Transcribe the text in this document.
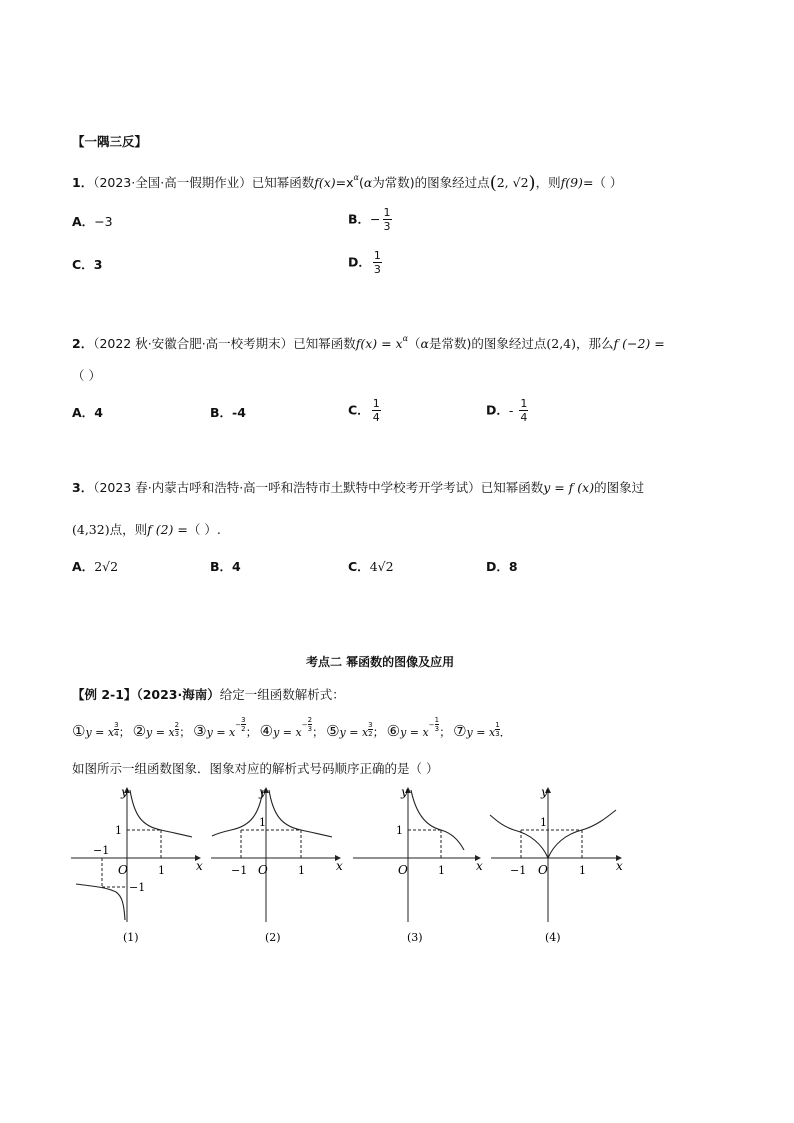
【一隅三反】
1．（2023·全国·高一假期作业）已知幂函数$f(x)=x^\alpha(\alpha$为常数)的图象经过点(2, √2)，则f(9)=（ ）
A．−3	B．− $\frac{1}{3}$
C．3	D． $\frac{1}{3}$
2．（2022 秋·安徽合肥·高一校考期末）已知幂函数$f(x) = x^\alpha(\alpha$是常数)的图象经过点(2,4)，那么f (−2) =
（ ）
A．4	B．-4	C． $\frac{1}{4}$	D．- $\frac{1}{4}$
3．（2023 春·内蒙古呼和浩特·高一呼和浩特市土默特中学校考开学考试）已知幂函数y = f (x)的图象过
(4,32)点，则f (2) =（ ）.
A．2√2	B．4	C．4√2	D．8
考点二 幂函数的图像及应用
【例 2-1】（2023·海南）给定一组函数解析式：
①y = x $\frac{3}{4}$ ； ②y = x $\frac{2}{3}$ ； ③y = x
− $\frac{3}{2}$ ； ④y = x
− $\frac{2}{3}$ ； ⑤y = x $\frac{3}{2}$ ； ⑥y = x
− $\frac{1}{3}$ ； ⑦y = x $\frac{1}{3}$ ．
如图所示一组函数图象．图象对应的解析式号码顺序正确的是（ ）
y
x
O
1
1
−1
−1
(1)
y
x
O
1
1
−1
(2)
y
x
O
1
1
(3)
y
x
O
1
1
−1
(4)
